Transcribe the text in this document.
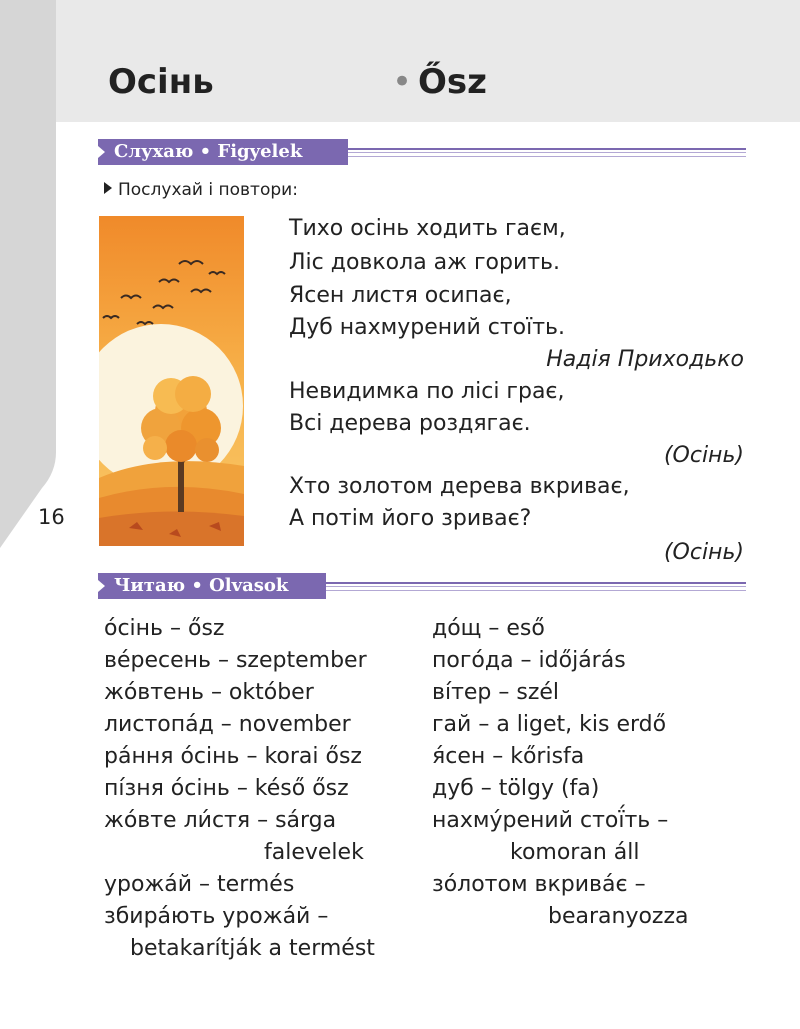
Осінь	• Ősz
16
Слухаю • Figyelek
Послухай і повтори:
Тихо осінь ходить гаєм,
Ліс довкола аж горить.
Ясен листя осипає,
Дуб нахмурений стоїть.
Надія Приходько
Невидимка по лісі грає,
Всі дерева роздягає.
(Осінь)
Хто золотом дерева вкриває,
А потім його зриває?
(Осінь)
Читаю • Olvasok
о́сінь – ősz
ве́ресень – szeptember
жо́втень – október
листопа́д – november
ра́ння о́сінь – korai ősz
пі́зня о́сінь – késő ősz
жо́вте ли́стя – sárga
falevelek
урожа́й – termés
збира́ють урожа́й –
betakarítják a termést
до́щ – eső
пого́да – időjárás
ві́тер – szél
гай – a liget, kis erdő
я́сен – kőrisfa
дуб – tölgy (fa)
нахму́рений стої́ть –
komoran áll
зо́лотом вкрива́є –
bearanyozza
